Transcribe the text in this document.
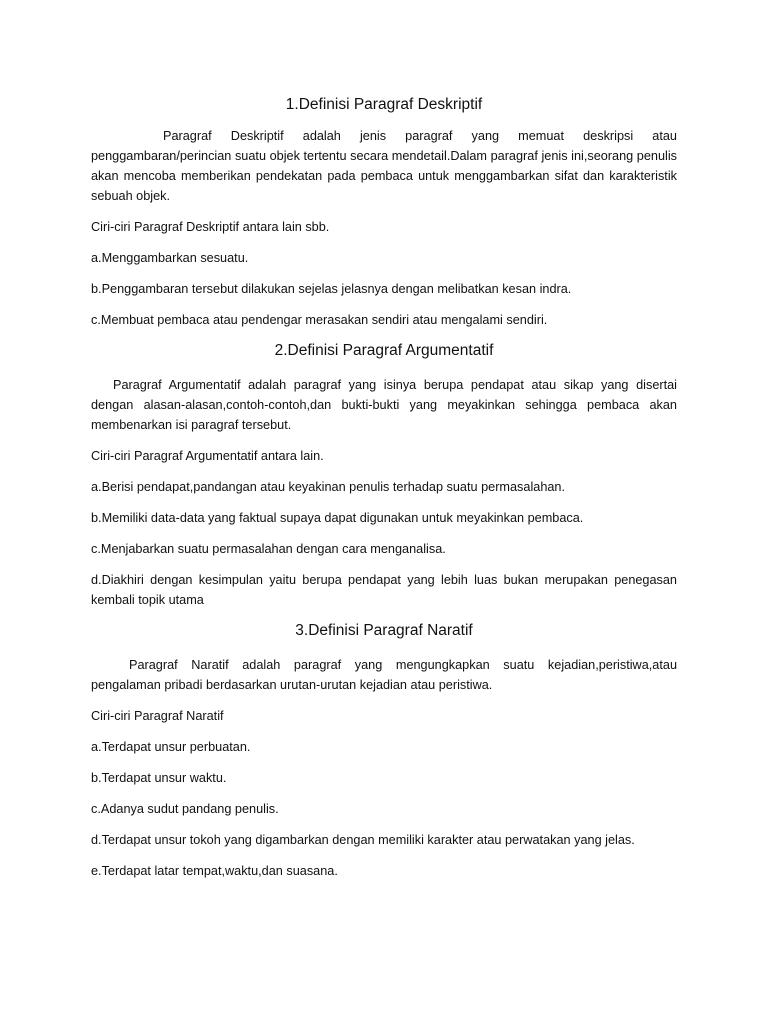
1.Definisi Paragraf Deskriptif

Paragraf Deskriptif adalah jenis paragraf yang memuat deskripsi atau penggambaran/perincian suatu objek tertentu secara mendetail.Dalam paragraf jenis ini,seorang penulis akan mencoba memberikan pendekatan pada pembaca untuk menggambarkan sifat dan karakteristik sebuah objek.

Ciri-ciri Paragraf Deskriptif antara lain sbb.

a.Menggambarkan sesuatu.

b.Penggambaran tersebut dilakukan sejelas jelasnya dengan melibatkan kesan indra.

c.Membuat pembaca atau pendengar merasakan sendiri atau mengalami sendiri.

2.Definisi Paragraf Argumentatif

Paragraf Argumentatif adalah paragraf yang isinya berupa pendapat atau sikap yang disertai dengan alasan-alasan,contoh-contoh,dan bukti-bukti yang meyakinkan sehingga pembaca akan membenarkan isi paragraf tersebut.

Ciri-ciri Paragraf Argumentatif antara lain.

a.Berisi pendapat,pandangan atau keyakinan penulis terhadap suatu permasalahan.

b.Memiliki data-data yang faktual supaya dapat digunakan untuk meyakinkan pembaca.

c.Menjabarkan suatu permasalahan dengan cara menganalisa.

d.Diakhiri dengan kesimpulan yaitu berupa pendapat yang lebih luas bukan merupakan penegasan kembali topik utama

3.Definisi Paragraf Naratif

Paragraf Naratif adalah paragraf yang mengungkapkan suatu kejadian,peristiwa,atau pengalaman pribadi berdasarkan urutan-urutan kejadian atau peristiwa.

Ciri-ciri Paragraf Naratif

a.Terdapat unsur perbuatan.

b.Terdapat unsur waktu.

c.Adanya sudut pandang penulis.

d.Terdapat unsur tokoh yang digambarkan dengan memiliki karakter atau perwatakan yang jelas.

e.Terdapat latar tempat,waktu,dan suasana.
